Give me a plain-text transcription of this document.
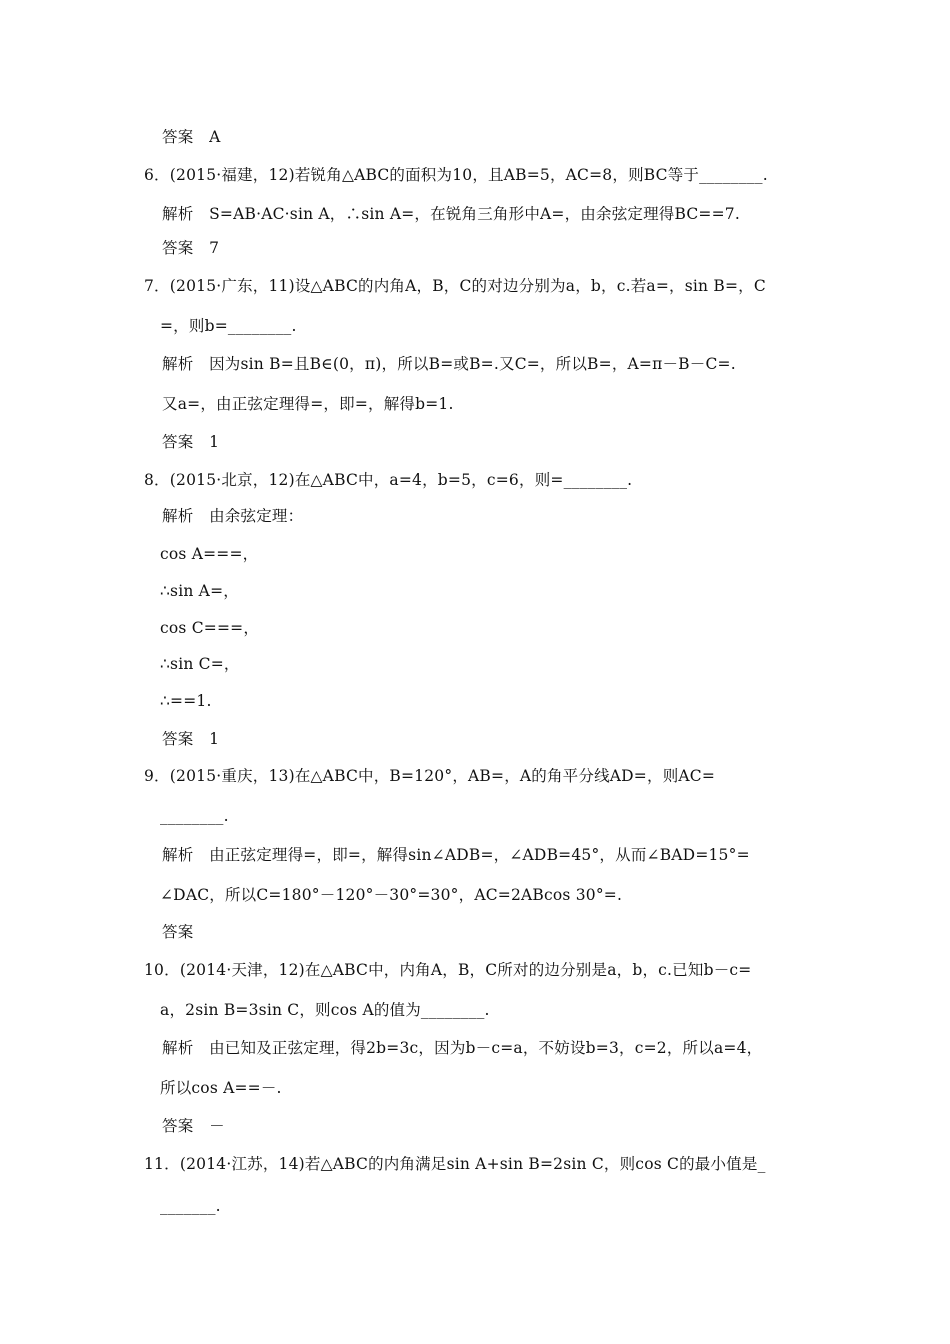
答案　A
6．(2015·福建，12)若锐角△ABC的面积为10，且AB=5，AC=8，则BC等于________.
解析　S=AB·AC·sin A，∴sin A=，在锐角三角形中A=，由余弦定理得BC==7.
答案　7
7．(2015·广东，11)设△ABC的内角A，B，C的对边分别为a，b，c.若a=，sin B=，C
=，则b=________.
解析　因为sin B=且B∈(0，π)，所以B=或B=.又C=，所以B=，A=π－B－C=.
又a=，由正弦定理得=，即=，解得b=1.
答案　1
8．(2015·北京，12)在△ABC中，a=4，b=5，c=6，则=________.
解析　由余弦定理：
cos A===，
∴sin A=，
cos C===，
∴sin C=，
∴==1.
答案　1
9．(2015·重庆，13)在△ABC中，B=120°，AB=，A的角平分线AD=，则AC=
________.
解析　由正弦定理得=，即=，解得sin∠ADB=，∠ADB=45°，从而∠BAD=15°=
∠DAC，所以C=180°－120°－30°=30°，AC=2ABcos 30°=.
答案
10．(2014·天津，12)在△ABC中，内角A，B，C所对的边分别是a，b，c.已知b－c=
a，2sin B=3sin C，则cos A的值为________.
解析　由已知及正弦定理，得2b=3c，因为b－c=a，不妨设b=3，c=2，所以a=4，
所以cos A==－.
答案　－
11．(2014·江苏，14)若△ABC的内角满足sin A+sin B=2sin C，则cos C的最小值是_
_______.
